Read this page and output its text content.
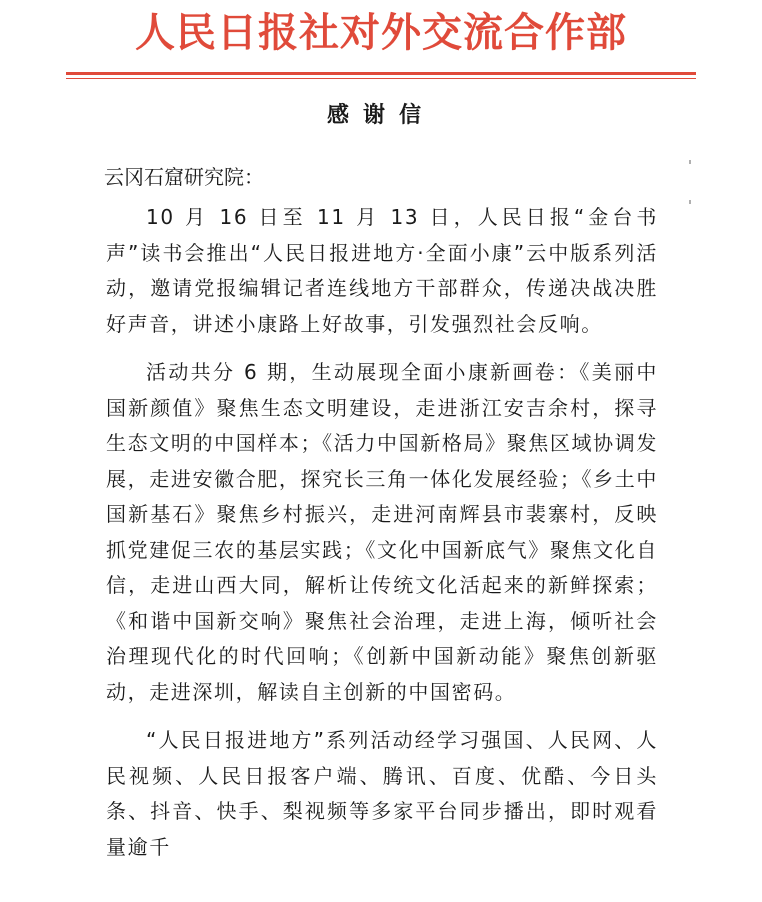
人民日报社对外交流合作部
感谢信
云冈石窟研究院：

10 月 16 日至 11 月 13 日，人民日报“金台书声”读书会推出“人民日报进地方·全面小康”云中版系列活动，邀请党报编辑记者连线地方干部群众，传递决战决胜好声音，讲述小康路上好故事，引发强烈社会反响。

活动共分 6 期，生动展现全面小康新画卷：《美丽中国新颜值》聚焦生态文明建设，走进浙江安吉余村，探寻生态文明的中国样本；《活力中国新格局》聚焦区域协调发展，走进安徽合肥，探究长三角一体化发展经验；《乡土中国新基石》聚焦乡村振兴，走进河南辉县市裴寨村，反映抓党建促三农的基层实践；《文化中国新底气》聚焦文化自信，走进山西大同，解析让传统文化活起来的新鲜探索；《和谐中国新交响》聚焦社会治理，走进上海，倾听社会治理现代化的时代回响；《创新中国新动能》聚焦创新驱动，走进深圳，解读自主创新的中国密码。

“人民日报进地方”系列活动经学习强国、人民网、人民视频、人民日报客户端、腾讯、百度、优酷、今日头条、抖音、快手、梨视频等多家平台同步播出，即时观看量逾千
